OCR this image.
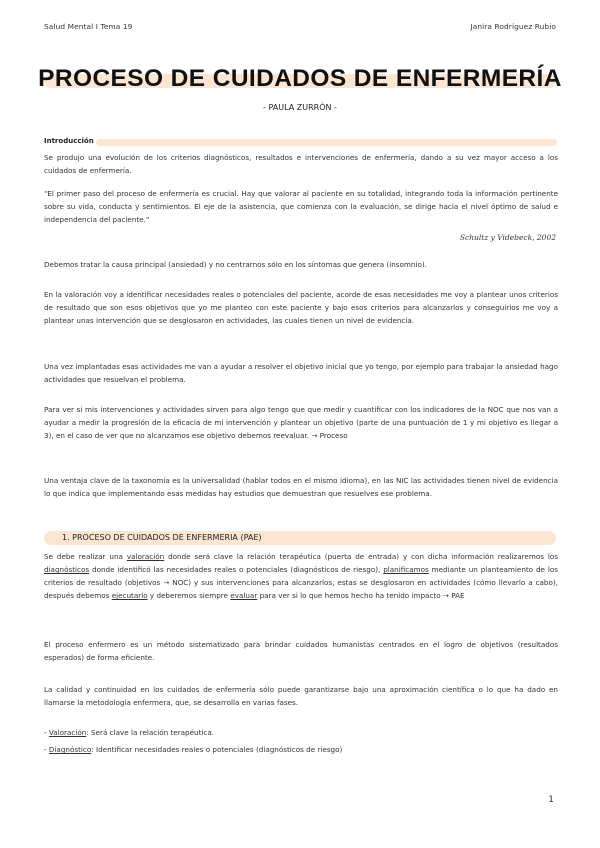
Salud Mental I Tema 19	Janira Rodríguez Rubio
PROCESO DE CUIDADOS DE ENFERMERÍA
- PAULA ZURRÓN -
Introducción

Se produjo una evolución de los criterios diagnósticos, resultados e intervenciones de enfermería, dando a su vez mayor acceso a los cuidados de enfermería.

"El primer paso del proceso de enfermería es crucial. Hay que valorar al paciente en su totalidad, integrando toda la información pertinente sobre su vida, conducta y sentimientos. El eje de la asistencia, que comienza con la evaluación, se dirige hacia el nivel óptimo de salud e independencia del paciente."

Schultz y Videbeck, 2002

Debemos tratar la causa principal (ansiedad) y no centrarnos sólo en los síntomas que genera (insomnio).

En la valoración voy a identificar necesidades reales o potenciales del paciente, acorde de esas necesidades me voy a plantear unos criterios de resultado que son esos objetivos que yo me planteo con este paciente y bajo esos criterios para alcanzarlos y conseguirlos me voy a plantear unas intervención que se desglosaron en actividades, las cuales tienen un nivel de evidencia.

Una vez implantadas esas actividades me van a ayudar a resolver el objetivo inicial que yo tengo, por ejemplo para trabajar la ansiedad hago actividades que resuelvan el problema.

Para ver si mis intervenciones y actividades sirven para algo tengo que que medir y cuantificar con los indicadores de la NOC que nos van a ayudar a medir la progresión de la eficacia de mi intervención y plantear un objetivo (parte de una puntuación de 1 y mi objetivo es llegar a 3), en el caso de ver que no alcanzamos ese objetivo debemos reevaluar. → Proceso

Una ventaja clave de la taxonomía es la universalidad (hablar todos en el mismo idioma), en las NIC las actividades tienen nivel de evidencia lo que indica que implementando esas medidas hay estudios que demuestran que resuelves ese problema.

1. PROCESO DE CUIDADOS DE ENFERMERIA (PAE)

Se debe realizar una valoración donde será clave la relación terapéutica (puerta de entrada) y con dicha información realizaremos los diagnósticos donde identificó las necesidades reales o potenciales (diagnósticos de riesgo), planificamos mediante un planteamiento de los criterios de resultado (objetivos → NOC) y sus intervenciones para alcanzarlos, estas se desglosaron en actividades (cómo llevarlo a cabo), después debemos ejecutarlo y deberemos siempre evaluar para ver si lo que hemos hecho ha tenido impacto → PAE

El proceso enfermero es un método sistematizado para brindar cuidados humanistas centrados en el logro de objetivos (resultados esperados) de forma eficiente.

La calidad y continuidad en los cuidados de enfermería sólo puede garantizarse bajo una aproximación científica o lo que ha dado en llamarse la metodología enfermera, que, se desarrolla en varias fases.

- Valoración: Será clave la relación terapéutica.

- Diagnóstico: Identificar necesidades reales o potenciales (diagnósticos de riesgo)

1
